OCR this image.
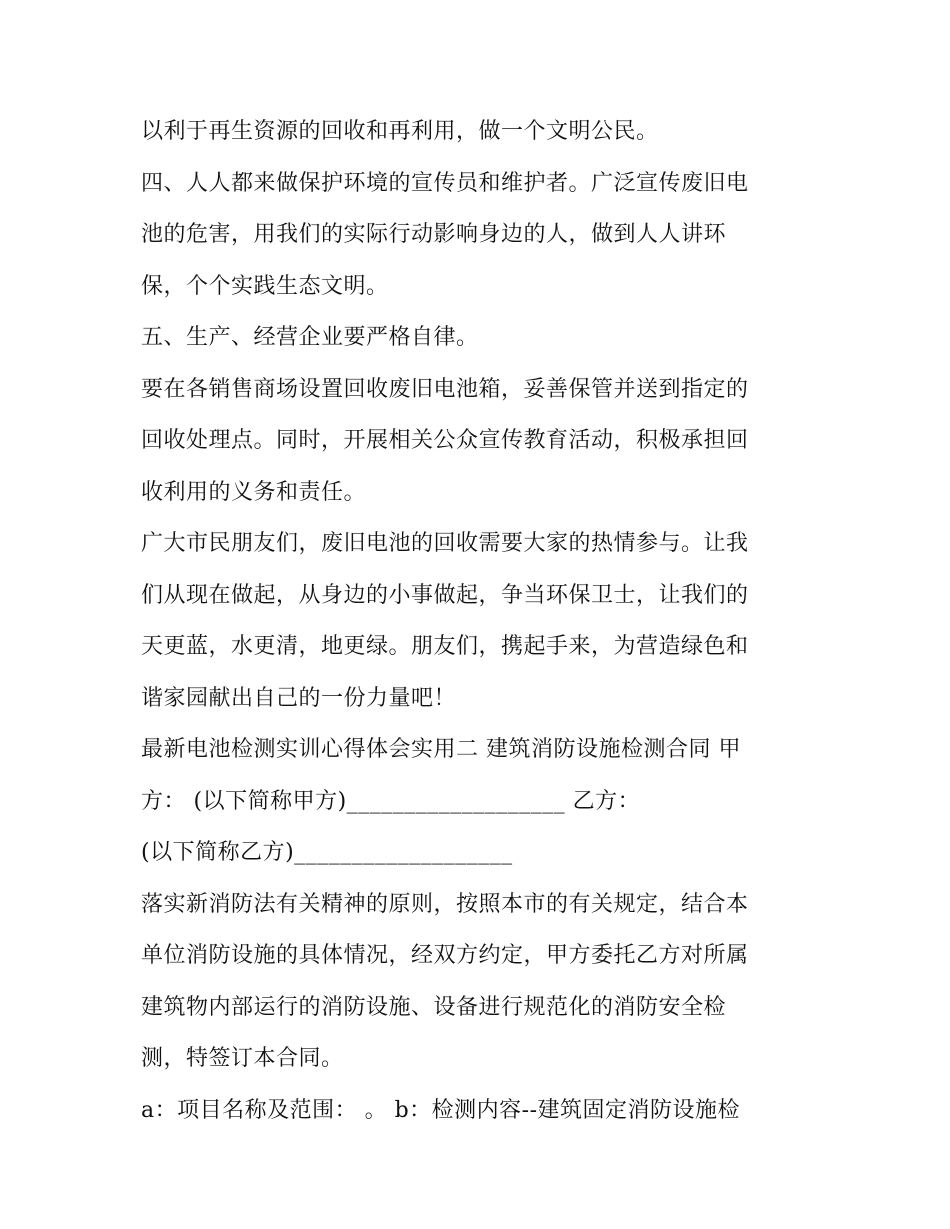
以利于再生资源的回收和再利用，做一个文明公民。
四、人人都来做保护环境的宣传员和维护者。广泛宣传废旧电
池的危害，用我们的实际行动影响身边的人，做到人人讲环
保，个个实践生态文明。
五、生产、经营企业要严格自律。
要在各销售商场设置回收废旧电池箱，妥善保管并送到指定的
回收处理点。同时，开展相关公众宣传教育活动，积极承担回
收利用的义务和责任。
广大市民朋友们，废旧电池的回收需要大家的热情参与。让我
们从现在做起，从身边的小事做起，争当环保卫士，让我们的
天更蓝，水更清，地更绿。朋友们，携起手来，为营造绿色和
谐家园献出自己的一份力量吧！
最新电池检测实训心得体会实用二 建筑消防设施检测合同 甲
方： (以下简称甲方)___________________ 乙方：
(以下简称乙方)___________________
落实新消防法有关精神的原则，按照本市的有关规定，结合本
单位消防设施的具体情况，经双方约定，甲方委托乙方对所属
建筑物内部运行的消防设施、设备进行规范化的消防安全检
测，特签订本合同。
a：项目名称及范围： 。 b：检测内容--建筑固定消防设施检
